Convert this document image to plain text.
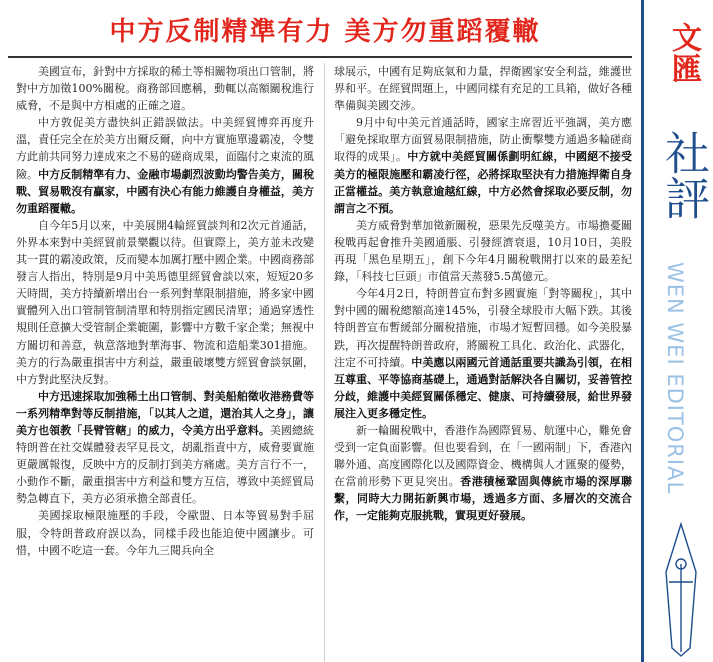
中方反制精準有力 美方勿重蹈覆轍

美國宣布，針對中方採取的稀土等相關物項出口管制，將對中方加徵100%關稅。商務部回應稱，動輒以高額關稅進行威脅，不是與中方相處的正確之道。

中方敦促美方盡快糾正錯誤做法。中美經貿博弈再度升溫，責任完全在於美方出爾反爾，向中方實施單邊霸凌，令雙方此前共同努力達成來之不易的磋商成果，面臨付之東流的風險。中方反制精準有力、金融市場劇烈波動均警告美方，關稅戰、貿易戰沒有贏家，中國有決心有能力維護自身權益，美方勿重蹈覆轍。

自今年5月以來，中美展開4輪經貿談判和2次元首通話，外界本來對中美經貿前景樂觀以待。但實際上，美方並未改變其一貫的霸凌政策，反而變本加厲打壓中國企業。中國商務部發言人指出，特別是9月中美馬德里經貿會談以來，短短20多天時間，美方持續新增出台一系列對華限制措施，將多家中國實體列入出口管制管制清單和特別指定國民清單；通過穿透性規則任意擴大受管制企業範圍，影響中方數千家企業；無視中方關切和善意，執意落地對華海事、物流和造船業301措施。美方的行為嚴重損害中方利益，嚴重破壞雙方經貿會談氛圍，中方對此堅決反對。

中方迅速採取加強稀土出口管制、對美船舶徵收港務費等一系列精準對等反制措施，「以其人之道，還治其人之身」，讓美方也領教「長臂管轄」的威力，令美方出乎意料。美國總統特朗普在社交媒體發表罕見長文，胡亂指責中方，威脅要實施更嚴厲報復，反映中方的反制打到美方痛處。美方言行不一，小動作不斷，嚴重損害中方利益和雙方互信，導致中美經貿局勢急轉直下，美方必須承擔全部責任。

美國採取極限施壓的手段，令歐盟、日本等貿易對手屈服，令特朗普政府誤以為，同樣手段也能迫使中國讓步。可惜，中國不吃這一套。今年九三閱兵向全

球展示，中國有足夠底氣和力量，捍衛國家安全利益，維護世界和平。在經貿問題上，中國同樣有充足的工具箱，做好各種準備與美國交涉。

9月中旬中美元首通話時，國家主席習近平強調，美方應「避免採取單方面貿易限制措施，防止衝擊雙方通過多輪磋商取得的成果」。中方就中美經貿關係劃明紅線，中國絕不接受美方的極限施壓和霸凌行徑，必將採取堅決有力措施捍衛自身正當權益。美方執意逾越紅線，中方必然會採取必要反制，勿謂言之不預。

美方威脅對華加徵新關稅，惡果先反噬美方。市場擔憂關稅戰再起會推升美國通脹、引發經濟衰退，10月10日，美股再現「黑色星期五」，創下今年4月關稅戰開打以來的最差紀錄，「科技七巨頭」市值當天蒸發5.5萬億元。

今年4月2日，特朗普宣布對多國實施「對等關稅」，其中對中國的關稅總額高達145%，引發全球股市大幅下跌。其後特朗普宣布暫緩部分關稅措施，市場才短暫回穩。如今美股暴跌，再次提醒特朗普政府，將關稅工具化、政治化、武器化，注定不可持續。中美應以兩國元首通話重要共識為引領，在相互尊重、平等協商基礎上，通過對話解決各自關切，妥善管控分歧，維護中美經貿關係穩定、健康、可持續發展，給世界發展注入更多穩定性。

新一輪關稅戰中，香港作為國際貿易、航運中心，難免會受到一定負面影響。但也要看到，在「一國兩制」下，香港內聯外通、高度國際化以及國際資金、機構與人才匯聚的優勢，在當前形勢下更見突出。香港積極鞏固與傳統市場的深厚聯繫，同時大力開拓新興市場，透過多方面、多層次的交流合作，一定能夠克服挑戰，實現更好發展。

文匯
社評
WEN WEI EDITORIAL
